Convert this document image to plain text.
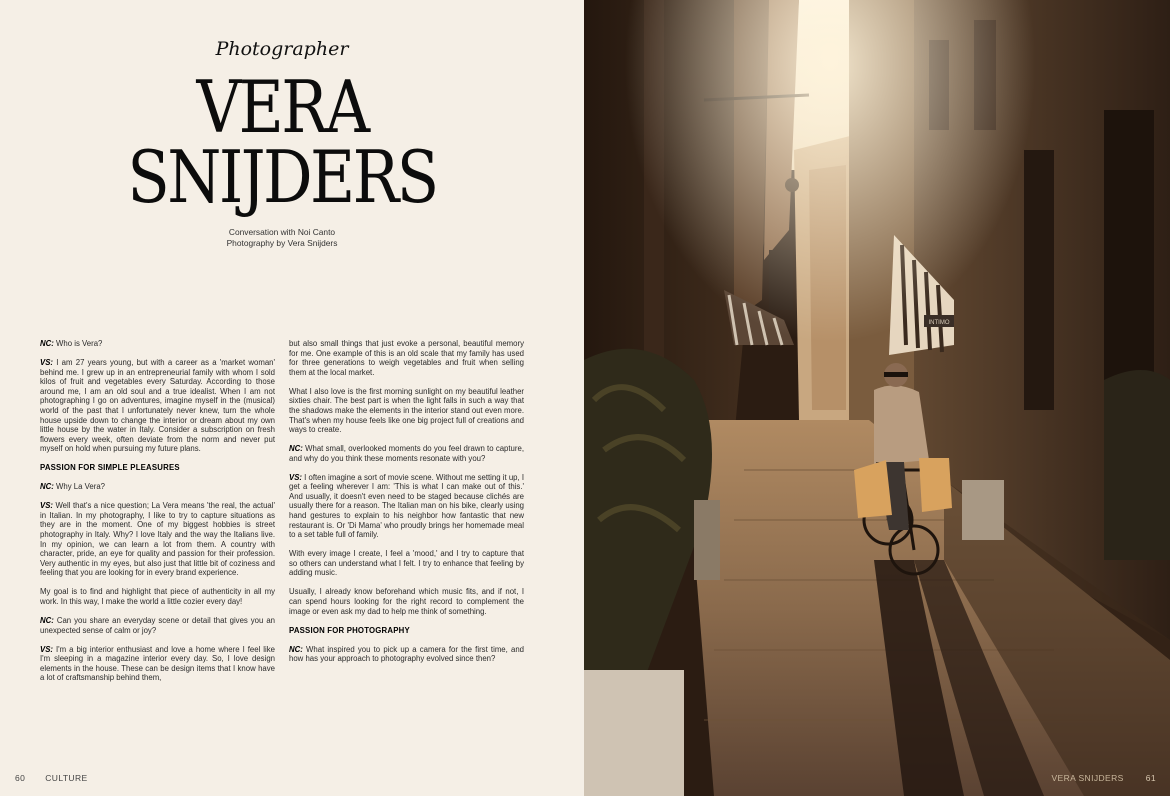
Photographer
VERA
SNIJDERS
Conversation with Noi Canto
Photography by Vera Snijders

NC: Who is Vera?

VS: I am 27 years young, but with a career as a 'market woman' behind me. I grew up in an entrepreneurial family with whom I sold kilos of fruit and vegetables every Saturday. According to those around me, I am an old soul and a true idealist. When I am not photographing I go on adventures, imagine myself in the (musical) world of the past that I unfortunately never knew, turn the whole house upside down to change the interior or dream about my own little house by the water in Italy. Consider a subscription on fresh flowers every week, often deviate from the norm and never put myself on hold when pursuing my future plans.

PASSION FOR SIMPLE PLEASURES

NC: Why La Vera?

VS: Well that's a nice question; La Vera means 'the real, the actual' in Italian. In my photography, I like to try to capture situations as they are in the moment. One of my biggest hobbies is street photography in Italy. Why? I love Italy and the way the Italians live. In my opinion, we can learn a lot from them. A country with character, pride, an eye for quality and passion for their profession. Very authentic in my eyes, but also just that little bit of coziness and feeling that you are looking for in every brand experience.

My goal is to find and highlight that piece of authenticity in all my work. In this way, I make the world a little cozier every day!

NC: Can you share an everyday scene or detail that gives you an unexpected sense of calm or joy?

VS: I'm a big interior enthusiast and love a home where I feel like I'm sleeping in a magazine interior every day. So, I love design elements in the house. These can be design items that I know have a lot of craftsmanship behind them,

but also small things that just evoke a personal, beautiful memory for me. One example of this is an old scale that my family has used for three generations to weigh vegetables and fruit when selling them at the local market.

What I also love is the first morning sunlight on my beautiful leather sixties chair. The best part is when the light falls in such a way that the shadows make the elements in the interior stand out even more. That's when my house feels like one big project full of creations and ways to create.

NC: What small, overlooked moments do you feel drawn to capture, and why do you think these moments resonate with you?

VS: I often imagine a sort of movie scene. Without me setting it up, I get a feeling wherever I am: 'This is what I can make out of this.' And usually, it doesn't even need to be staged because clichés are usually there for a reason. The Italian man on his bike, clearly using hand gestures to explain to his neighbor how fantastic that new restaurant is. Or 'Di Mama' who proudly brings her homemade meal to a set table full of family.

With every image I create, I feel a 'mood,' and I try to capture that so others can understand what I felt. I try to enhance that feeling by adding music.

Usually, I already know beforehand which music fits, and if not, I can spend hours looking for the right record to complement the image or even ask my dad to help me think of something.

PASSION FOR PHOTOGRAPHY

NC: What inspired you to pick up a camera for the first time, and how has your approach to photography evolved since then?

60 CULTURE	VERA SNIJDERS	61
